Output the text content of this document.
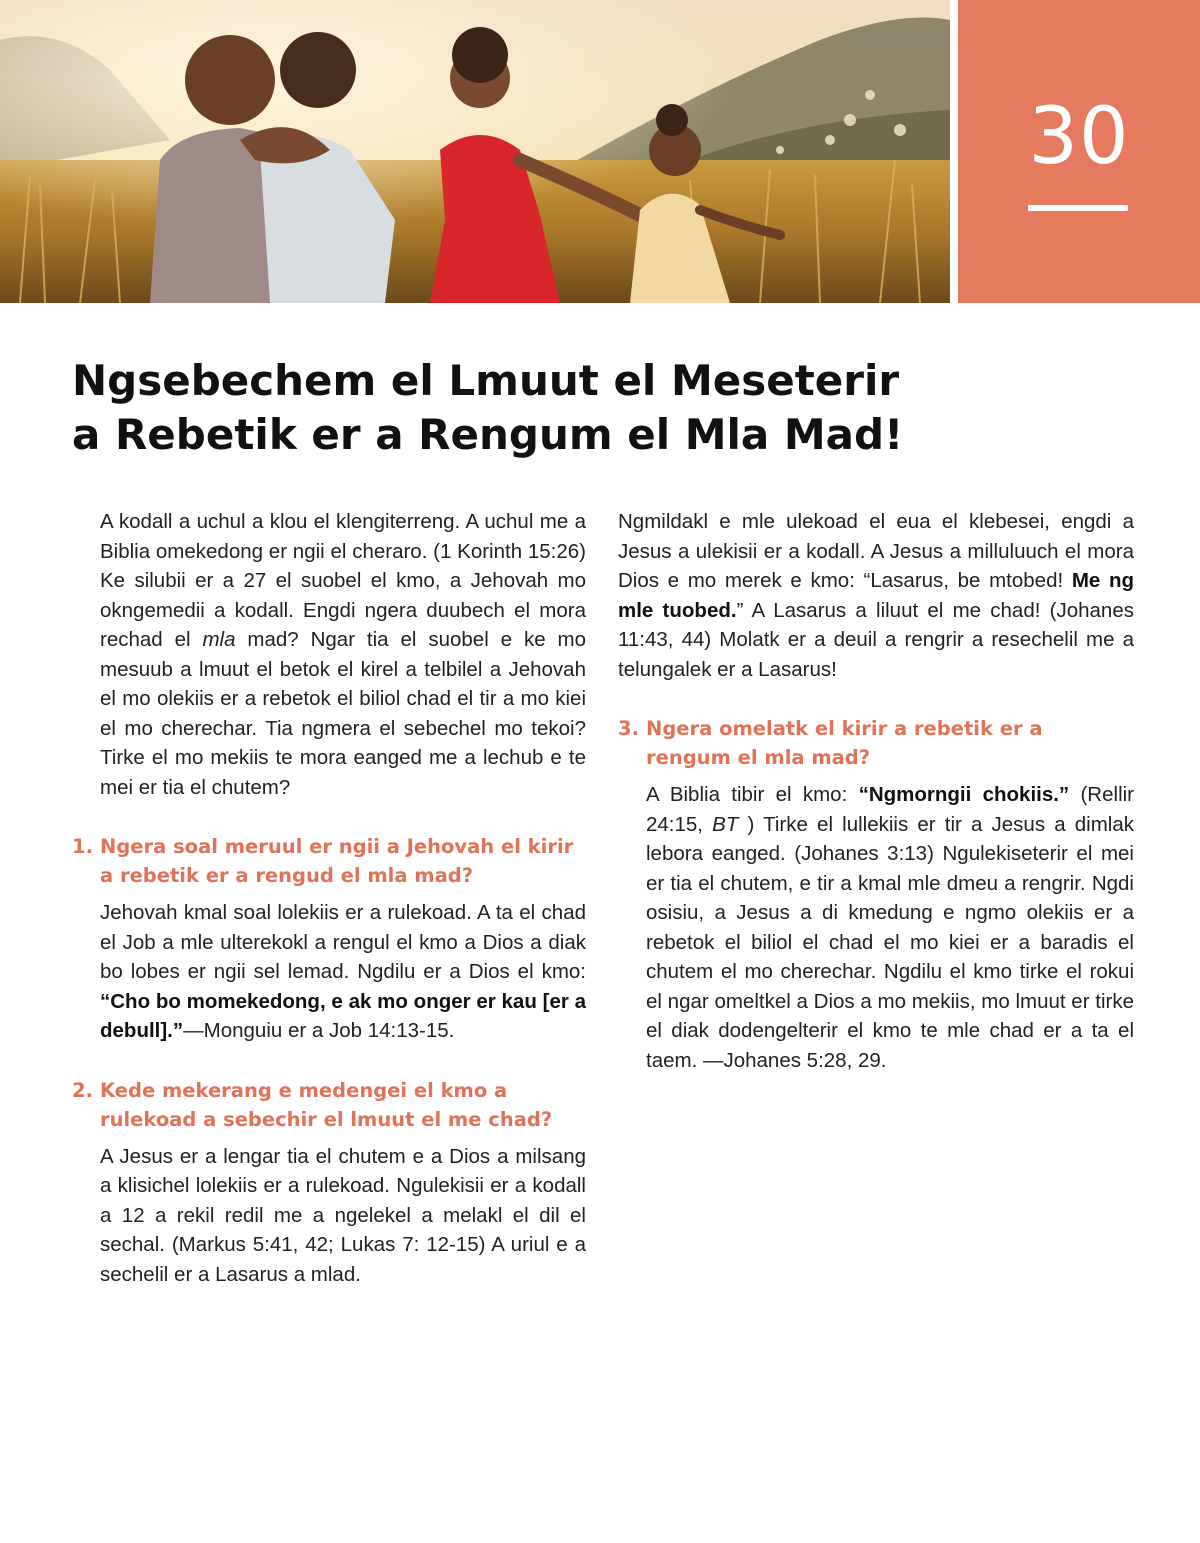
30
Ngsebechem el Lmuut el Meseterir
a Rebetik er a Rengum el Mla Mad!

A kodall a uchul a klou el klengiterreng. A uchul me a Biblia omekedong er ngii el cheraro. (1 Korinth 15:26) Ke silubii er a 27 el suobel el kmo, a Jehovah mo okngemedii a kodall. Engdi ngera duubech el mora rechad el mla mad? Ngar tia el suobel e ke mo mesuub a lmuut el betok el kirel a telbilel a Jehovah el mo olekiis er a rebetok el biliol chad el tir a mo kiei el mo cherechar. Tia ngmera el sebechel mo tekoi? Tirke el mo mekiis te mora eanged me a lechub e te mei er tia el chutem?

1. Ngera soal meruul er ngii a Jehovah el kirir a rebetik er a rengud el mla mad?

Jehovah kmal soal lolekiis er a rulekoad. A ta el chad el Job a mle ulterekokl a rengul el kmo a Dios a diak bo lobes er ngii sel lemad. Ngdilu er a Dios el kmo: “Cho bo momekedong, e ak mo onger er kau [er a debull].”—Monguiu er a Job 14:13-15.

2. Kede mekerang e medengei el kmo a rulekoad a sebechir el lmuut el me chad?

A Jesus er a lengar tia el chutem e a Dios a milsang a klisichel lolekiis er a rulekoad. Ngulekisii er a kodall a 12 a rekil redil me a ngelekel a melakl el dil el sechal. (Markus 5:41, 42; Lukas 7: 12-15) A uriul e a sechelil er a Lasarus a mlad.

Ngmildakl e mle ulekoad el eua el klebesei, engdi a Jesus a ulekisii er a kodall. A Jesus a milluluuch el mora Dios e mo merek e kmo: “Lasarus, be mtobed! Me ng mle tuobed.” A Lasarus a liluut el me chad! (Johanes 11:43, 44) Molatk er a deuil a rengrir a resechelil me a telungalek er a Lasarus!

3. Ngera omelatk el kirir a rebetik er a rengum el mla mad?

A Biblia tibir el kmo: “Ngmorngii chokiis.” (Rellir 24:15, BT ) Tirke el lullekiis er tir a Jesus a dimlak lebora eanged. (Johanes 3:13) Ngulekiseterir el mei er tia el chutem, e tir a kmal mle dmeu a rengrir. Ngdi osisiu, a Jesus a di kmedung e ngmo olekiis er a rebetok el biliol el chad el mo kiei er a baradis el chutem el mo cherechar. Ngdilu el kmo tirke el rokui el ngar omeltkel a Dios a mo mekiis, mo lmuut er tirke el diak dodengelterir el kmo te mle chad er a ta el taem. —Johanes 5:28, 29.
